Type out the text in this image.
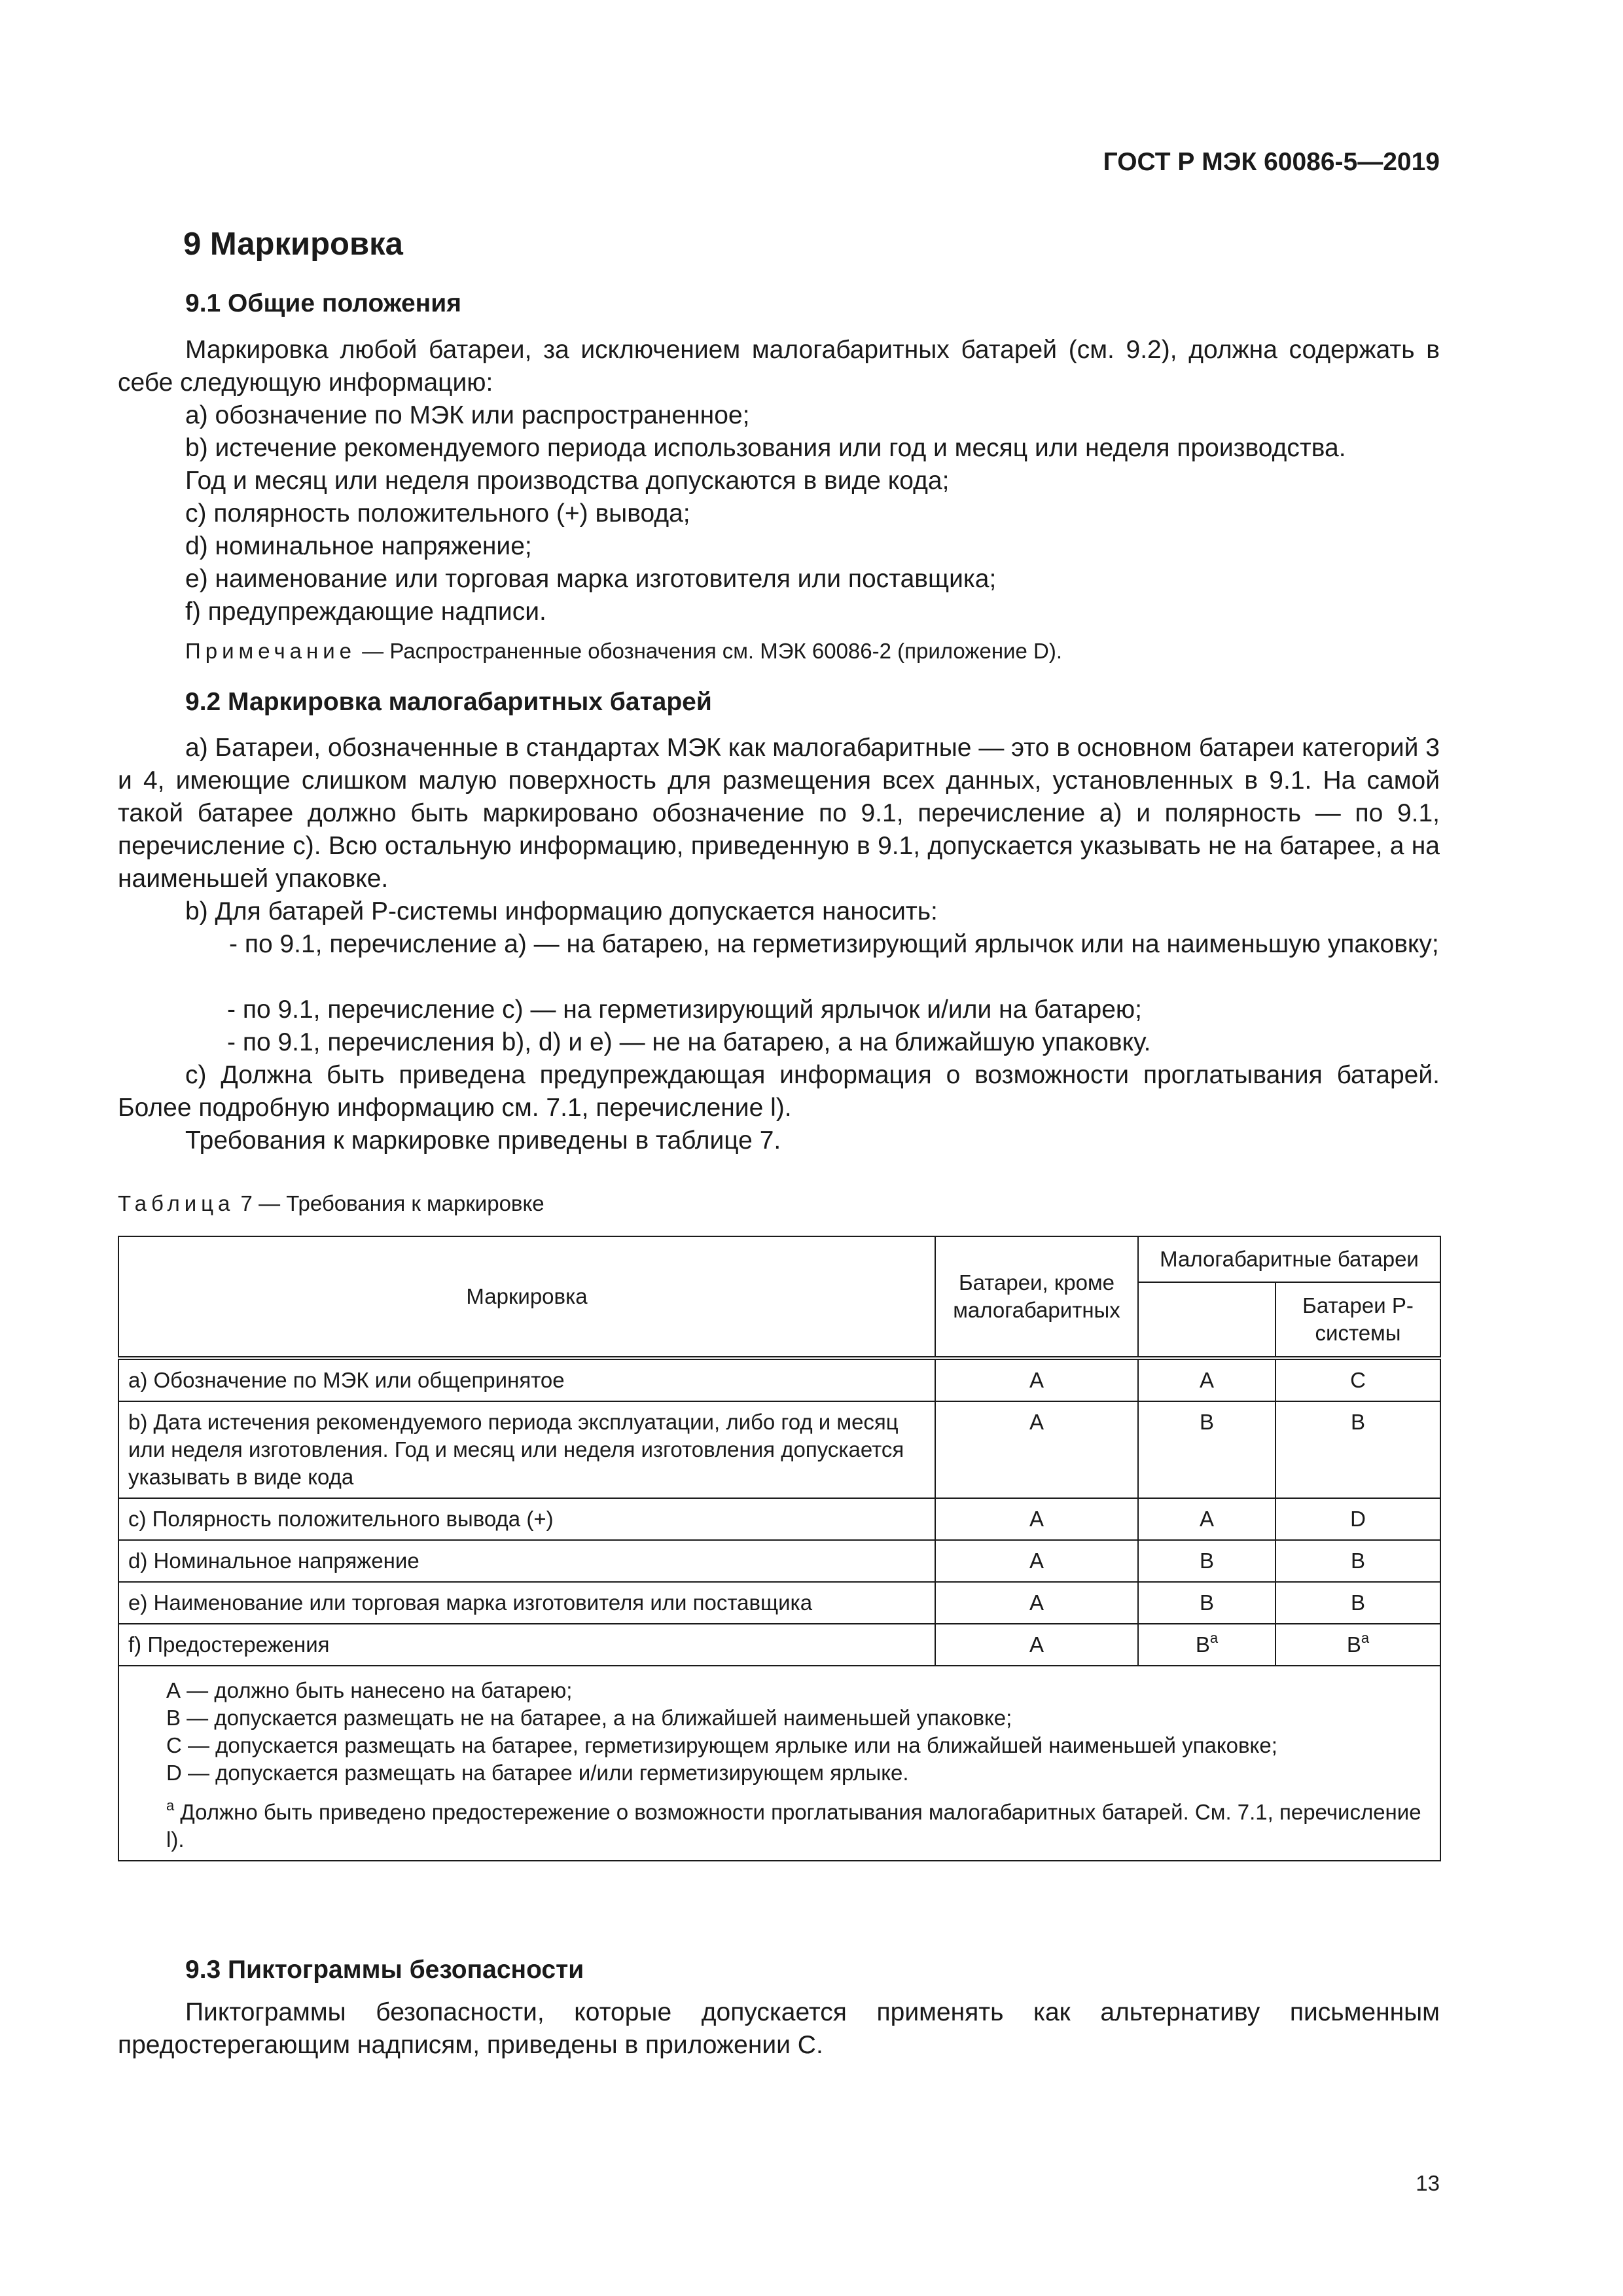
ГОСТ Р МЭК 60086-5—2019
9 Маркировка
9.1 Общие положения
Маркировка любой батареи, за исключением малогабаритных батарей (см. 9.2), должна содержать в себе следующую информацию:
a) обозначение по МЭК или распространенное;
b) истечение рекомендуемого периода использования или год и месяц или неделя производства.
Год и месяц или неделя производства допускаются в виде кода;
c) полярность положительного (+) вывода;
d) номинальное напряжение;
e) наименование или торговая марка изготовителя или поставщика;
f) предупреждающие надписи.
Примечание — Распространенные обозначения см. МЭК 60086-2 (приложение D).
9.2 Маркировка малогабаритных батарей
а) Батареи, обозначенные в стандартах МЭК как малогабаритные — это в основном батареи категорий 3 и 4, имеющие слишком малую поверхность для размещения всех данных, установленных в 9.1. На самой такой батарее должно быть маркировано обозначение по 9.1, перечисление а) и полярность — по 9.1, перечисление с). Всю остальную информацию, приведенную в 9.1, допускается указывать не на батарее, а на наименьшей упаковке.
b) Для батарей Р-системы информацию допускается наносить:
- по 9.1, перечисление а) — на батарею, на герметизирующий ярлычок или на наименьшую упаковку;
- по 9.1, перечисление с) — на герметизирующий ярлычок и/или на батарею;
- по 9.1, перечисления b), d) и е) — не на батарею, а на ближайшую упаковку.
с) Должна быть приведена предупреждающая информация о возможности проглатывания батарей. Более подробную информацию см. 7.1, перечисление l).
Требования к маркировке приведены в таблице 7.
Таблица 7 — Требования к маркировке
Маркировка	Батареи, кроме малогабаритных	Малогабаритные батареи	
			Батареи Р-системы
а) Обозначение по МЭК или общепринятое	А	А	С
b) Дата истечения рекомендуемого периода эксплуатации, либо год и месяц или неделя изготовления. Год и месяц или неделя изготовления допускается указывать в виде кода	А	В	В
с) Полярность положительного вывода (+)	А	А	D
d) Номинальное напряжение	А	В	В
е) Наименование или торговая марка изготовителя или поставщика	А	В	В
f) Предостережения	А	$В^a$	$В^a$

А — должно быть нанесено на батарею;
В — допускается размещать не на батарее, а на ближайшей наименьшей упаковке;
С — допускается размещать на батарее, герметизирующем ярлыке или на ближайшей наименьшей упаковке;
D — допускается размещать на батарее и/или герметизирующем ярлыке.
$^a$ Должно быть приведено предостережение о возможности проглатывания малогабаритных батарей. См. 7.1, перечисление l).			
9.3 Пиктограммы безопасности
Пиктограммы безопасности, которые допускается применять как альтернативу письменным предостерегающим надписям, приведены в приложении С.
13
